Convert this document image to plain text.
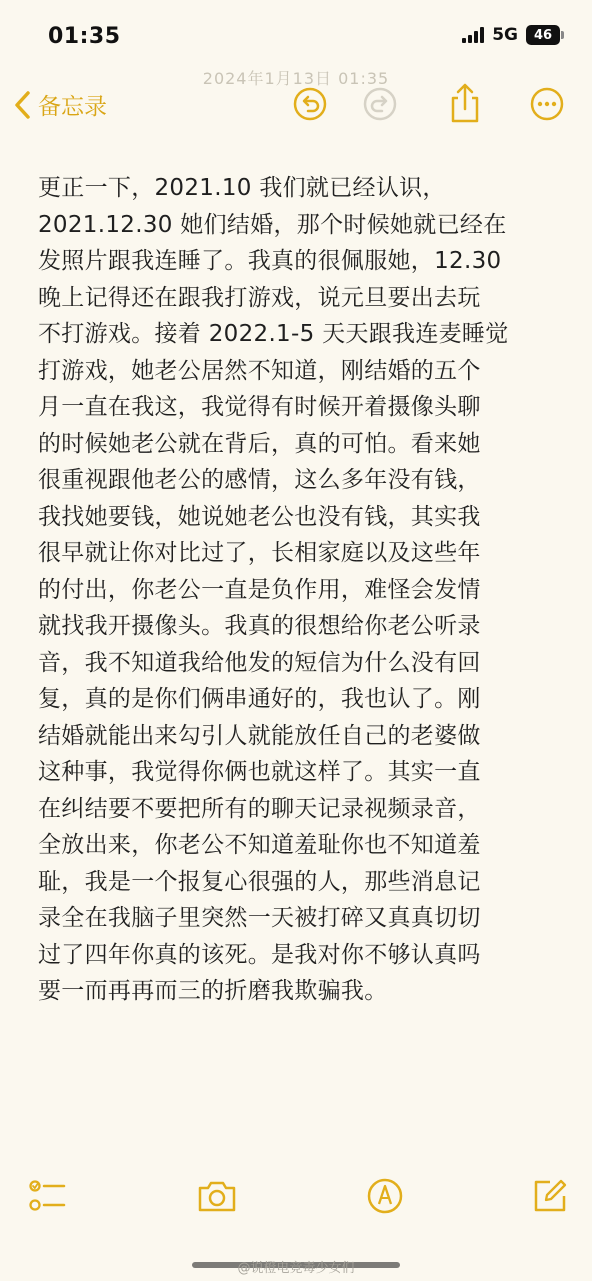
01:35	5G 46
2024年1月13日 01:35
备忘录
更正一下，2021.10 我们就已经认识，
2021.12.30 她们结婚，那个时候她就已经在
发照片跟我连睡了。我真的很佩服她，12.30
晚上记得还在跟我打游戏，说元旦要出去玩
不打游戏。接着 2022.1-5 天天跟我连麦睡觉
打游戏，她老公居然不知道，刚结婚的五个
月一直在我这，我觉得有时候开着摄像头聊
的时候她老公就在背后，真的可怕。看来她
很重视跟他老公的感情，这么多年没有钱，
我找她要钱，她说她老公也没有钱，其实我
很早就让你对比过了，长相家庭以及这些年
的付出，你老公一直是负作用，难怪会发情
就找我开摄像头。我真的很想给你老公听录
音，我不知道我给他发的短信为什么没有回
复，真的是你们俩串通好的，我也认了。刚
结婚就能出来勾引人就能放任自己的老婆做
这种事，我觉得你俩也就这样了。其实一直
在纠结要不要把所有的聊天记录视频录音，
全放出来，你老公不知道羞耻你也不知道羞
耻，我是一个报复心很强的人，那些消息记
录全在我脑子里突然一天被打碎又真真切切
过了四年你真的该死。是我对你不够认真吗
要一而再再而三的折磨我欺骗我。
@说橙电竞毒少女们
